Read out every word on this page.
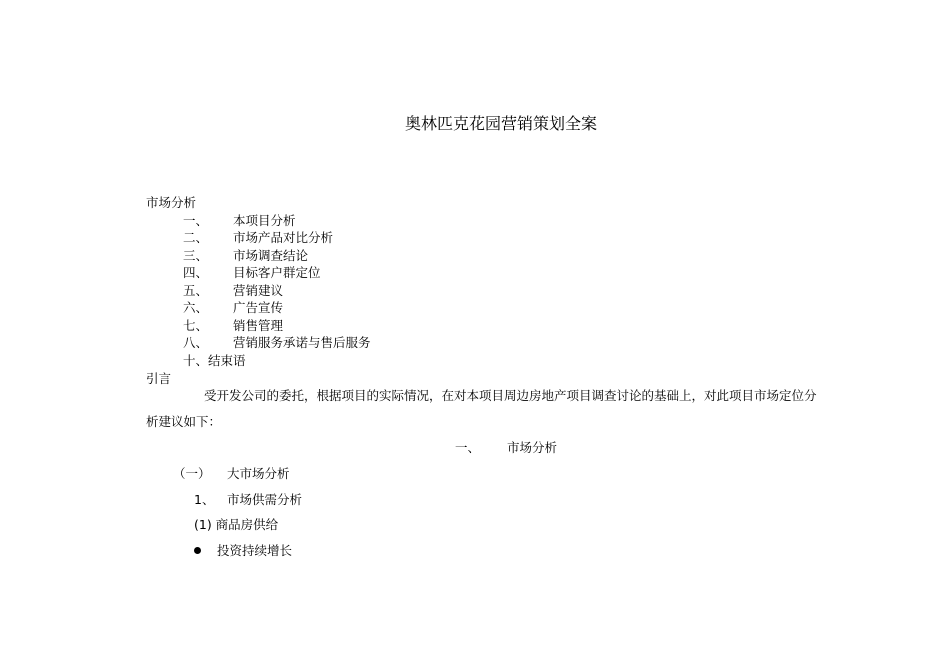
奥林匹克花园营销策划全案
市场分析
一、 本项目分析
二、 市场产品对比分析
三、 市场调查结论
四、 目标客户群定位
五、 营销建议
六、 广告宣传
七、 销售管理
八、 营销服务承诺与售后服务
十、结束语
引言
受开发公司的委托，根据项目的实际情况，在对本项目周边房地产项目调查讨论的基础上，对此项目市场定位分
析建议如下：
一、 市场分析
（一） 大市场分析
1、 市场供需分析
(1) 商品房供给
投资持续增长
